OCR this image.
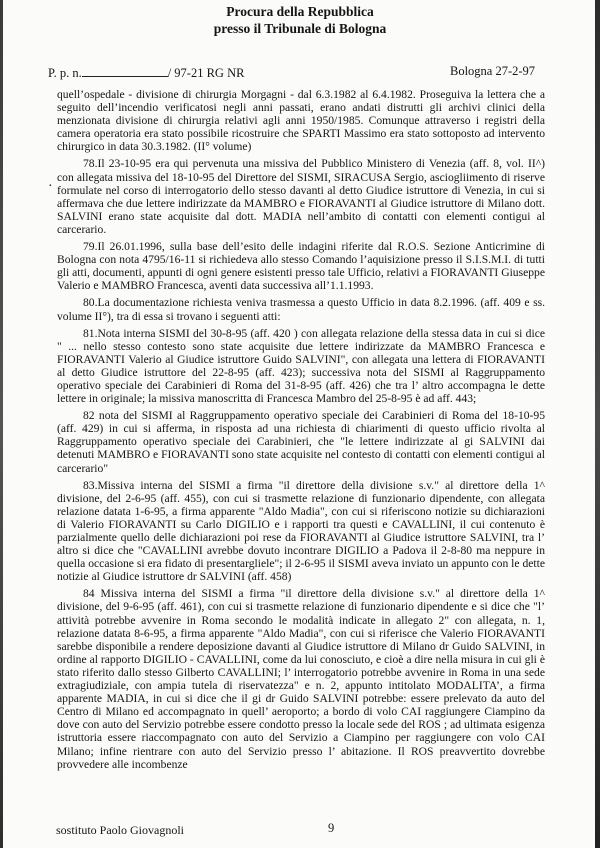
Procura della Repubblica
presso il Tribunale di Bologna
P. p. n.	/ 97-21 RG NR	Bologna 27-2-97
·

quell’ospedale - divisione di chirurgia Morgagni - dal 6.3.1982 al 6.4.1982. Proseguiva la lettera che a seguito dell’incendio verificatosi negli anni passati, erano andati distrutti gli archivi clinici della menzionata divisione di chirurgia relativi agli anni 1950/1985. Comunque attraverso i registri della camera operatoria era stato possibile ricostruire che SPARTI Massimo era stato sottoposto ad intervento chirurgico in data 30.3.1982. (II° volume)

78.Il 23-10-95 era qui pervenuta una missiva del Pubblico Ministero di Venezia (aff. 8, vol. II^) con allegata missiva del 18-10-95 del Direttore del SISMI, SIRACUSA Sergio, asciogliimento di riserve formulate nel corso di interrogatorio dello stesso davanti al detto Giudice istruttore di Venezia, in cui si affermava che due lettere indirizzate da MAMBRO e FIORAVANTI al Giudice istruttore di Milano dott. SALVINI erano state acquisite dal dott. MADIA nell’ambito di contatti con elementi contigui al carcerario.

79.Il 26.01.1996, sulla base dell’esito delle indagini riferite dal R.O.S. Sezione Anticrimine di Bologna con nota 4795/16-11 si richiedeva allo stesso Comando l’aquisizione presso il S.I.S.M.I. di tutti gli atti, documenti, appunti di ogni genere esistenti presso tale Ufficio, relativi a FIORAVANTI Giuseppe Valerio e MAMBRO Francesca, aventi data successiva all’1.1.1993.

80.La documentazione richiesta veniva trasmessa a questo Ufficio in data 8.2.1996. (aff. 409 e ss. volume II°), tra di essa si trovano i seguenti atti:

81.Nota interna SISMI del 30-8-95 (aff. 420 ) con allegata relazione della stessa data in cui si dice " ... nello stesso contesto sono state acquisite due lettere indirizzate da MAMBRO Francesca e FIORAVANTI Valerio al Giudice istruttore Guido SALVINI", con allegata una lettera di FIORAVANTI al detto Giudice istruttore del 22-8-95 (aff. 423); successiva nota del SISMI al Raggruppamento operativo speciale dei Carabinieri di Roma del 31-8-95 (aff. 426) che tra l’ altro accompagna le dette lettere in originale; la missiva manoscritta di Francesca Mambro del 25-8-95 è ad aff. 443;

82 nota del SISMI al Raggruppamento operativo speciale dei Carabinieri di Roma del 18-10-95 (aff. 429) in cui si afferma, in risposta ad una richiesta di chiarimenti di questo ufficio rivolta al Raggruppamento operativo speciale dei Carabinieri, che "le lettere indirizzate al gi SALVINI dai detenuti MAMBRO e FIORAVANTI sono state acquisite nel contesto di contatti con elementi contigui al carcerario"

83.Missiva interna del SISMI a firma "il direttore della divisione s.v." al direttore della 1^ divisione, del 2-6-95 (aff. 455), con cui si trasmette relazione di funzionario dipendente, con allegata relazione datata 1-6-95, a firma apparente "Aldo Madia", con cui si riferiscono notizie su dichiarazioni di Valerio FIORAVANTI su Carlo DIGILIO e i rapporti tra questi e CAVALLINI, il cui contenuto è parzialmente quello delle dichiarazioni poi rese da FIORAVANTI al Giudice istruttore SALVINI, tra l’ altro si dice che "CAVALLINI avrebbe dovuto incontrare DIGILIO a Padova il 2-8-80 ma neppure in quella occasione si era fidato di presentargliele"; il 2-6-95 il SISMI aveva inviato un appunto con le dette notizie al Giudice istruttore dr SALVINI (aff. 458)

84 Missiva interna del SISMI a firma "il direttore della divisione s.v." al direttore della 1^ divisione, del 9-6-95 (aff. 461), con cui si trasmette relazione di funzionario dipendente e si dice che "l’ attività potrebbe avvenire in Roma secondo le modalità indicate in allegato 2" con allegata, n. 1, relazione datata 8-6-95, a firma apparente "Aldo Madia", con cui si riferisce che Valerio FIORAVANTI sarebbe disponibile a rendere deposizione davanti al Giudice istruttore di Milano dr Guido SALVINI, in ordine al rapporto DIGILIO - CAVALLINI, come da lui conosciuto, e cioè a dire nella misura in cui gli è stato riferito dallo stesso Gilberto CAVALLINI; l’ interrogatorio potrebbe avvenire in Roma in una sede extragiudiziale, con ampia tutela di riservatezza" e n. 2, appunto intitolato MODALITA’, a firma apparente MADIA, in cui si dice che il gi dr Guido SALVINI potrebbe: essere prelevato da auto del Centro di Milano ed accompagnato in quell’ aeroporto; a bordo di volo CAI raggiungere Ciampino da dove con auto del Servizio potrebbe essere condotto presso la locale sede del ROS ; ad ultimata esigenza istruttoria essere riaccompagnato con auto del Servizio a Ciampino per raggiungere con volo CAI Milano; infine rientrare con auto del Servizio presso l’ abitazione. Il ROS preavvertito dovrebbe provvedere alle incombenze

sostituto Paolo Giovagnoli	9
